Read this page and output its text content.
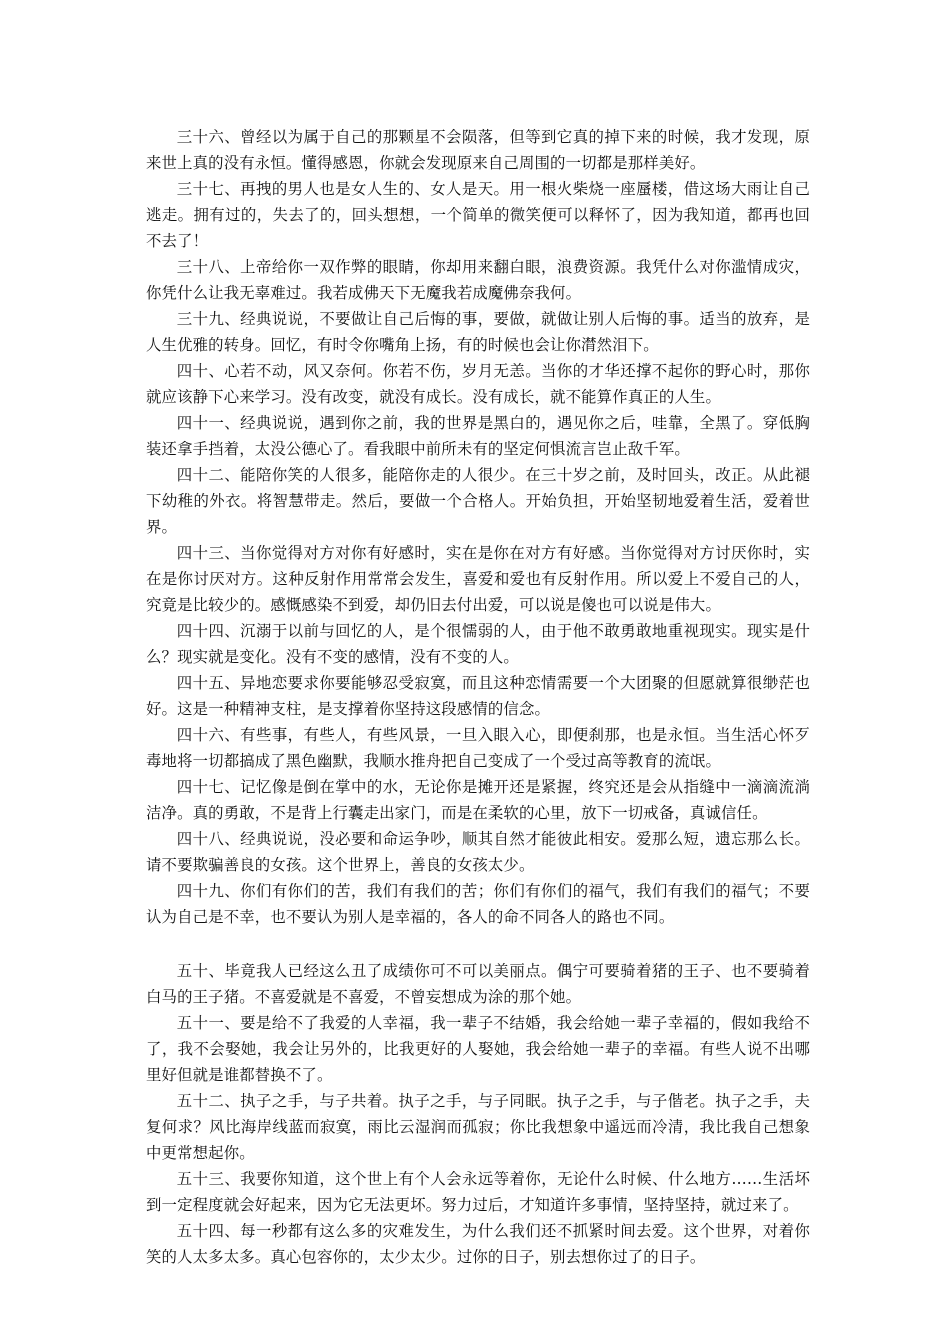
三十六、曾经以为属于自己的那颗星不会陨落，但等到它真的掉下来的时候，我才发现，原来世上真的没有永恒。懂得感恩，你就会发现原来自己周围的一切都是那样美好。

三十七、再拽的男人也是女人生的、女人是天。用一根火柴烧一座蜃楼，借这场大雨让自己逃走。拥有过的，失去了的，回头想想，一个简单的微笑便可以释怀了，因为我知道，都再也回不去了！

三十八、上帝给你一双作弊的眼睛，你却用来翻白眼，浪费资源。我凭什么对你滥情成灾，你凭什么让我无辜难过。我若成佛天下无魔我若成魔佛奈我何。

三十九、经典说说，不要做让自己后悔的事，要做，就做让别人后悔的事。适当的放弃，是人生优雅的转身。回忆，有时令你嘴角上扬，有的时候也会让你潸然泪下。

四十、心若不动，风又奈何。你若不伤，岁月无恙。当你的才华还撑不起你的野心时，那你就应该静下心来学习。没有改变，就没有成长。没有成长，就不能算作真正的人生。

四十一、经典说说，遇到你之前，我的世界是黑白的，遇见你之后，哇靠，全黑了。穿低胸装还拿手挡着，太没公德心了。看我眼中前所未有的坚定何惧流言岂止敌千军。

四十二、能陪你笑的人很多，能陪你走的人很少。在三十岁之前，及时回头，改正。从此褪下幼稚的外衣。将智慧带走。然后，要做一个合格人。开始负担，开始坚韧地爱着生活，爱着世界。

四十三、当你觉得对方对你有好感时，实在是你在对方有好感。当你觉得对方讨厌你时，实在是你讨厌对方。这种反射作用常常会发生，喜爱和爱也有反射作用。所以爱上不爱自己的人，究竟是比较少的。感慨感染不到爱，却仍旧去付出爱，可以说是傻也可以说是伟大。

四十四、沉溺于以前与回忆的人，是个很懦弱的人，由于他不敢勇敢地重视现实。现实是什么？现实就是变化。没有不变的感情，没有不变的人。

四十五、异地恋要求你要能够忍受寂寞，而且这种恋情需要一个大团聚的但愿就算很缈茫也好。这是一种精神支柱，是支撑着你坚持这段感情的信念。

四十六、有些事，有些人，有些风景，一旦入眼入心，即便刹那，也是永恒。当生活心怀歹毒地将一切都搞成了黑色幽默，我顺水推舟把自己变成了一个受过高等教育的流氓。

四十七、记忆像是倒在掌中的水，无论你是摊开还是紧握，终究还是会从指缝中一滴滴流淌洁净。真的勇敢，不是背上行囊走出家门，而是在柔软的心里，放下一切戒备，真诚信任。

四十八、经典说说，没必要和命运争吵，顺其自然才能彼此相安。爱那么短，遗忘那么长。请不要欺骗善良的女孩。这个世界上，善良的女孩太少。

四十九、你们有你们的苦，我们有我们的苦；你们有你们的福气，我们有我们的福气；不要认为自己是不幸，也不要认为别人是幸福的，各人的命不同各人的路也不同。

五十、毕竟我人已经这么丑了成绩你可不可以美丽点。偶宁可要骑着猪的王子、也不要骑着白马的王子猪。不喜爱就是不喜爱，不曾妄想成为涂的那个她。

五十一、要是给不了我爱的人幸福，我一辈子不结婚，我会给她一辈子幸福的，假如我给不了，我不会娶她，我会让另外的，比我更好的人娶她，我会给她一辈子的幸福。有些人说不出哪里好但就是谁都替换不了。

五十二、执子之手，与子共着。执子之手，与子同眠。执子之手，与子偕老。执子之手，夫复何求？风比海岸线蓝而寂寞，雨比云湿润而孤寂；你比我想象中遥远而冷清，我比我自己想象中更常想起你。

五十三、我要你知道，这个世上有个人会永远等着你，无论什么时候、什么地方……生活坏到一定程度就会好起来，因为它无法更坏。努力过后，才知道许多事情，坚持坚持，就过来了。

五十四、每一秒都有这么多的灾难发生，为什么我们还不抓紧时间去爱。这个世界，对着你笑的人太多太多。真心包容你的，太少太少。过你的日子，别去想你过了的日子。
